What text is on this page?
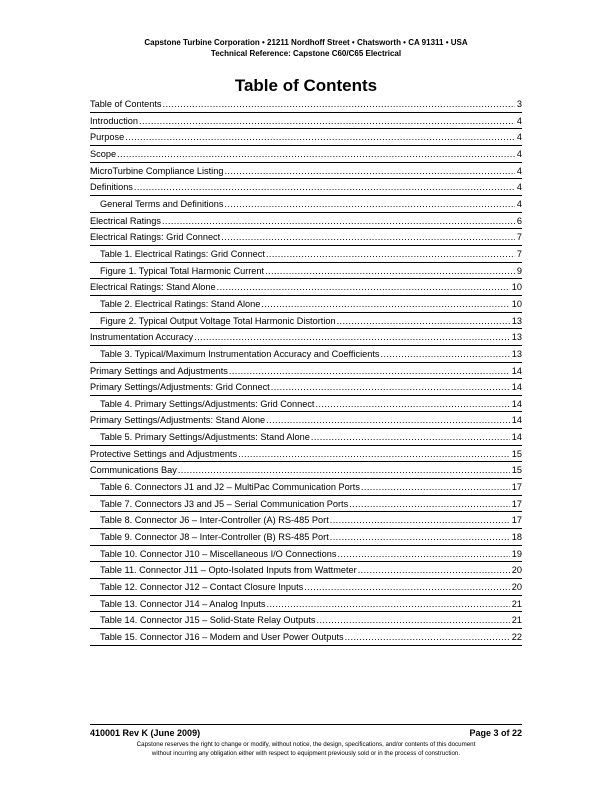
Capstone Turbine Corporation • 21211 Nordhoff Street • Chatsworth • CA 91311 • USA
Technical Reference: Capstone C60/C65 Electrical
Table of Contents
Table of Contents .....	3
Introduction .....	4
Purpose .....	4
Scope .....	4
MicroTurbine Compliance Listing .....	4
Definitions .....	4
General Terms and Definitions .....	4
Electrical Ratings .....	6
Electrical Ratings: Grid Connect .....	7
Table 1. Electrical Ratings: Grid Connect .....	7
Figure 1. Typical Total Harmonic Current .....	9
Electrical Ratings: Stand Alone .....	10
Table 2. Electrical Ratings: Stand Alone .....	10
Figure 2. Typical Output Voltage Total Harmonic Distortion .....	13
Instrumentation Accuracy .....	13
Table 3. Typical/Maximum Instrumentation Accuracy and Coefficients .....	13
Primary Settings and Adjustments .....	14
Primary Settings/Adjustments: Grid Connect .....	14
Table 4. Primary Settings/Adjustments: Grid Connect .....	14
Primary Settings/Adjustments: Stand Alone .....	14
Table 5. Primary Settings/Adjustments: Stand Alone .....	14
Protective Settings and Adjustments .....	15
Communications Bay .....	15
Table 6. Connectors J1 and J2 – MultiPac Communication Ports .....	17
Table 7. Connectors J3 and J5 – Serial Communication Ports .....	17
Table 8. Connector J6 – Inter-Controller (A) RS-485 Port .....	17
Table 9. Connector J8 – Inter-Controller (B) RS-485 Port .....	18
Table 10. Connector J10 – Miscellaneous I/O Connections .....	19
Table 11. Connector J11 – Opto-Isolated Inputs from Wattmeter .....	20
Table 12. Connector J12 – Contact Closure Inputs .....	20
Table 13. Connector J14 – Analog Inputs .....	21
Table 14. Connector J15 – Solid-State Relay Outputs .....	21
Table 15. Connector J16 – Modem and User Power Outputs .....	22
410001 Rev K (June 2009)	Page 3 of 22
Capstone reserves the right to change or modify, without notice, the design, specifications, and/or contents of this document
without incurring any obligation either with respect to equipment previously sold or in the process of construction.
